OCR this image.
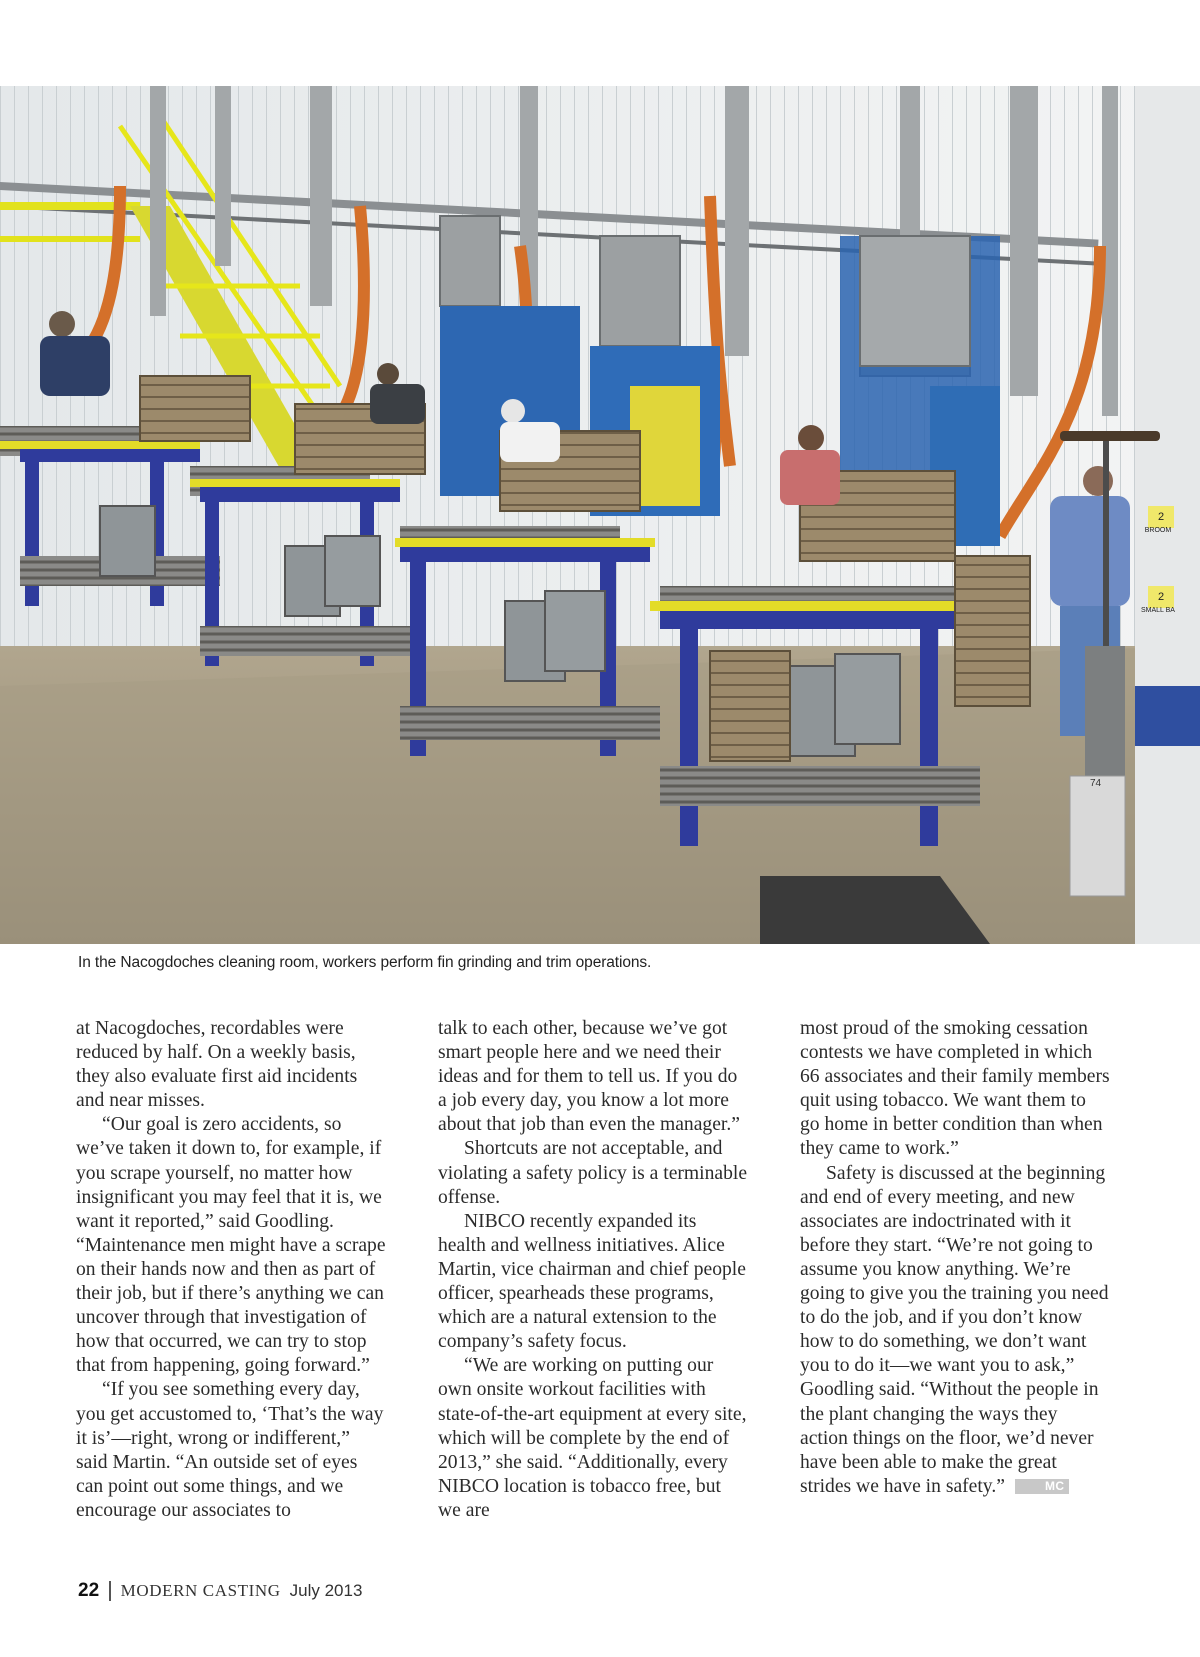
2
BROOM
2
SMALL BA
74
In the Nacogdoches cleaning room, workers perform fin grinding and trim operations.

at Nacogdoches, recordables were reduced by half. On a weekly basis, they also evaluate first aid incidents and near misses.

“Our goal is zero accidents, so we’ve taken it down to, for example, if you scrape yourself, no matter how insignificant you may feel that it is, we want it reported,” said Goodling. “Maintenance men might have a scrape on their hands now and then as part of their job, but if there’s anything we can uncover through that investigation of how that occurred, we can try to stop that from happening, going forward.”

“If you see something every day, you get accustomed to, ‘That’s the way it is’—right, wrong or indifferent,” said Martin. “An outside set of eyes can point out some things, and we encourage our associates to

talk to each other, because we’ve got smart people here and we need their ideas and for them to tell us. If you do a job every day, you know a lot more about that job than even the manager.”

Shortcuts are not acceptable, and violating a safety policy is a terminable offense.

NIBCO recently expanded its health and wellness initiatives. Alice Martin, vice chairman and chief people officer, spearheads these programs, which are a natural extension to the company’s safety focus.

“We are working on putting our own onsite workout facilities with state-of-the-art equipment at every site, which will be complete by the end of 2013,” she said. “Additionally, every NIBCO location is tobacco free, but we are

most proud of the smoking cessation contests we have completed in which 66 associates and their family members quit using tobacco. We want them to go home in better condition than when they came to work.”

Safety is discussed at the beginning and end of every meeting, and new associates are indoctrinated with it before they start. “We’re not going to assume you know anything. We’re going to give you the training you need to do the job, and if you don’t know how to do something, we don’t want you to do it—we want you to ask,” Goodling said. “Without the people in the plant changing the ways they action things on the floor, we’d never have been able to make the great strides we have in safety.”	MC

22 MODERN CASTING July 2013
